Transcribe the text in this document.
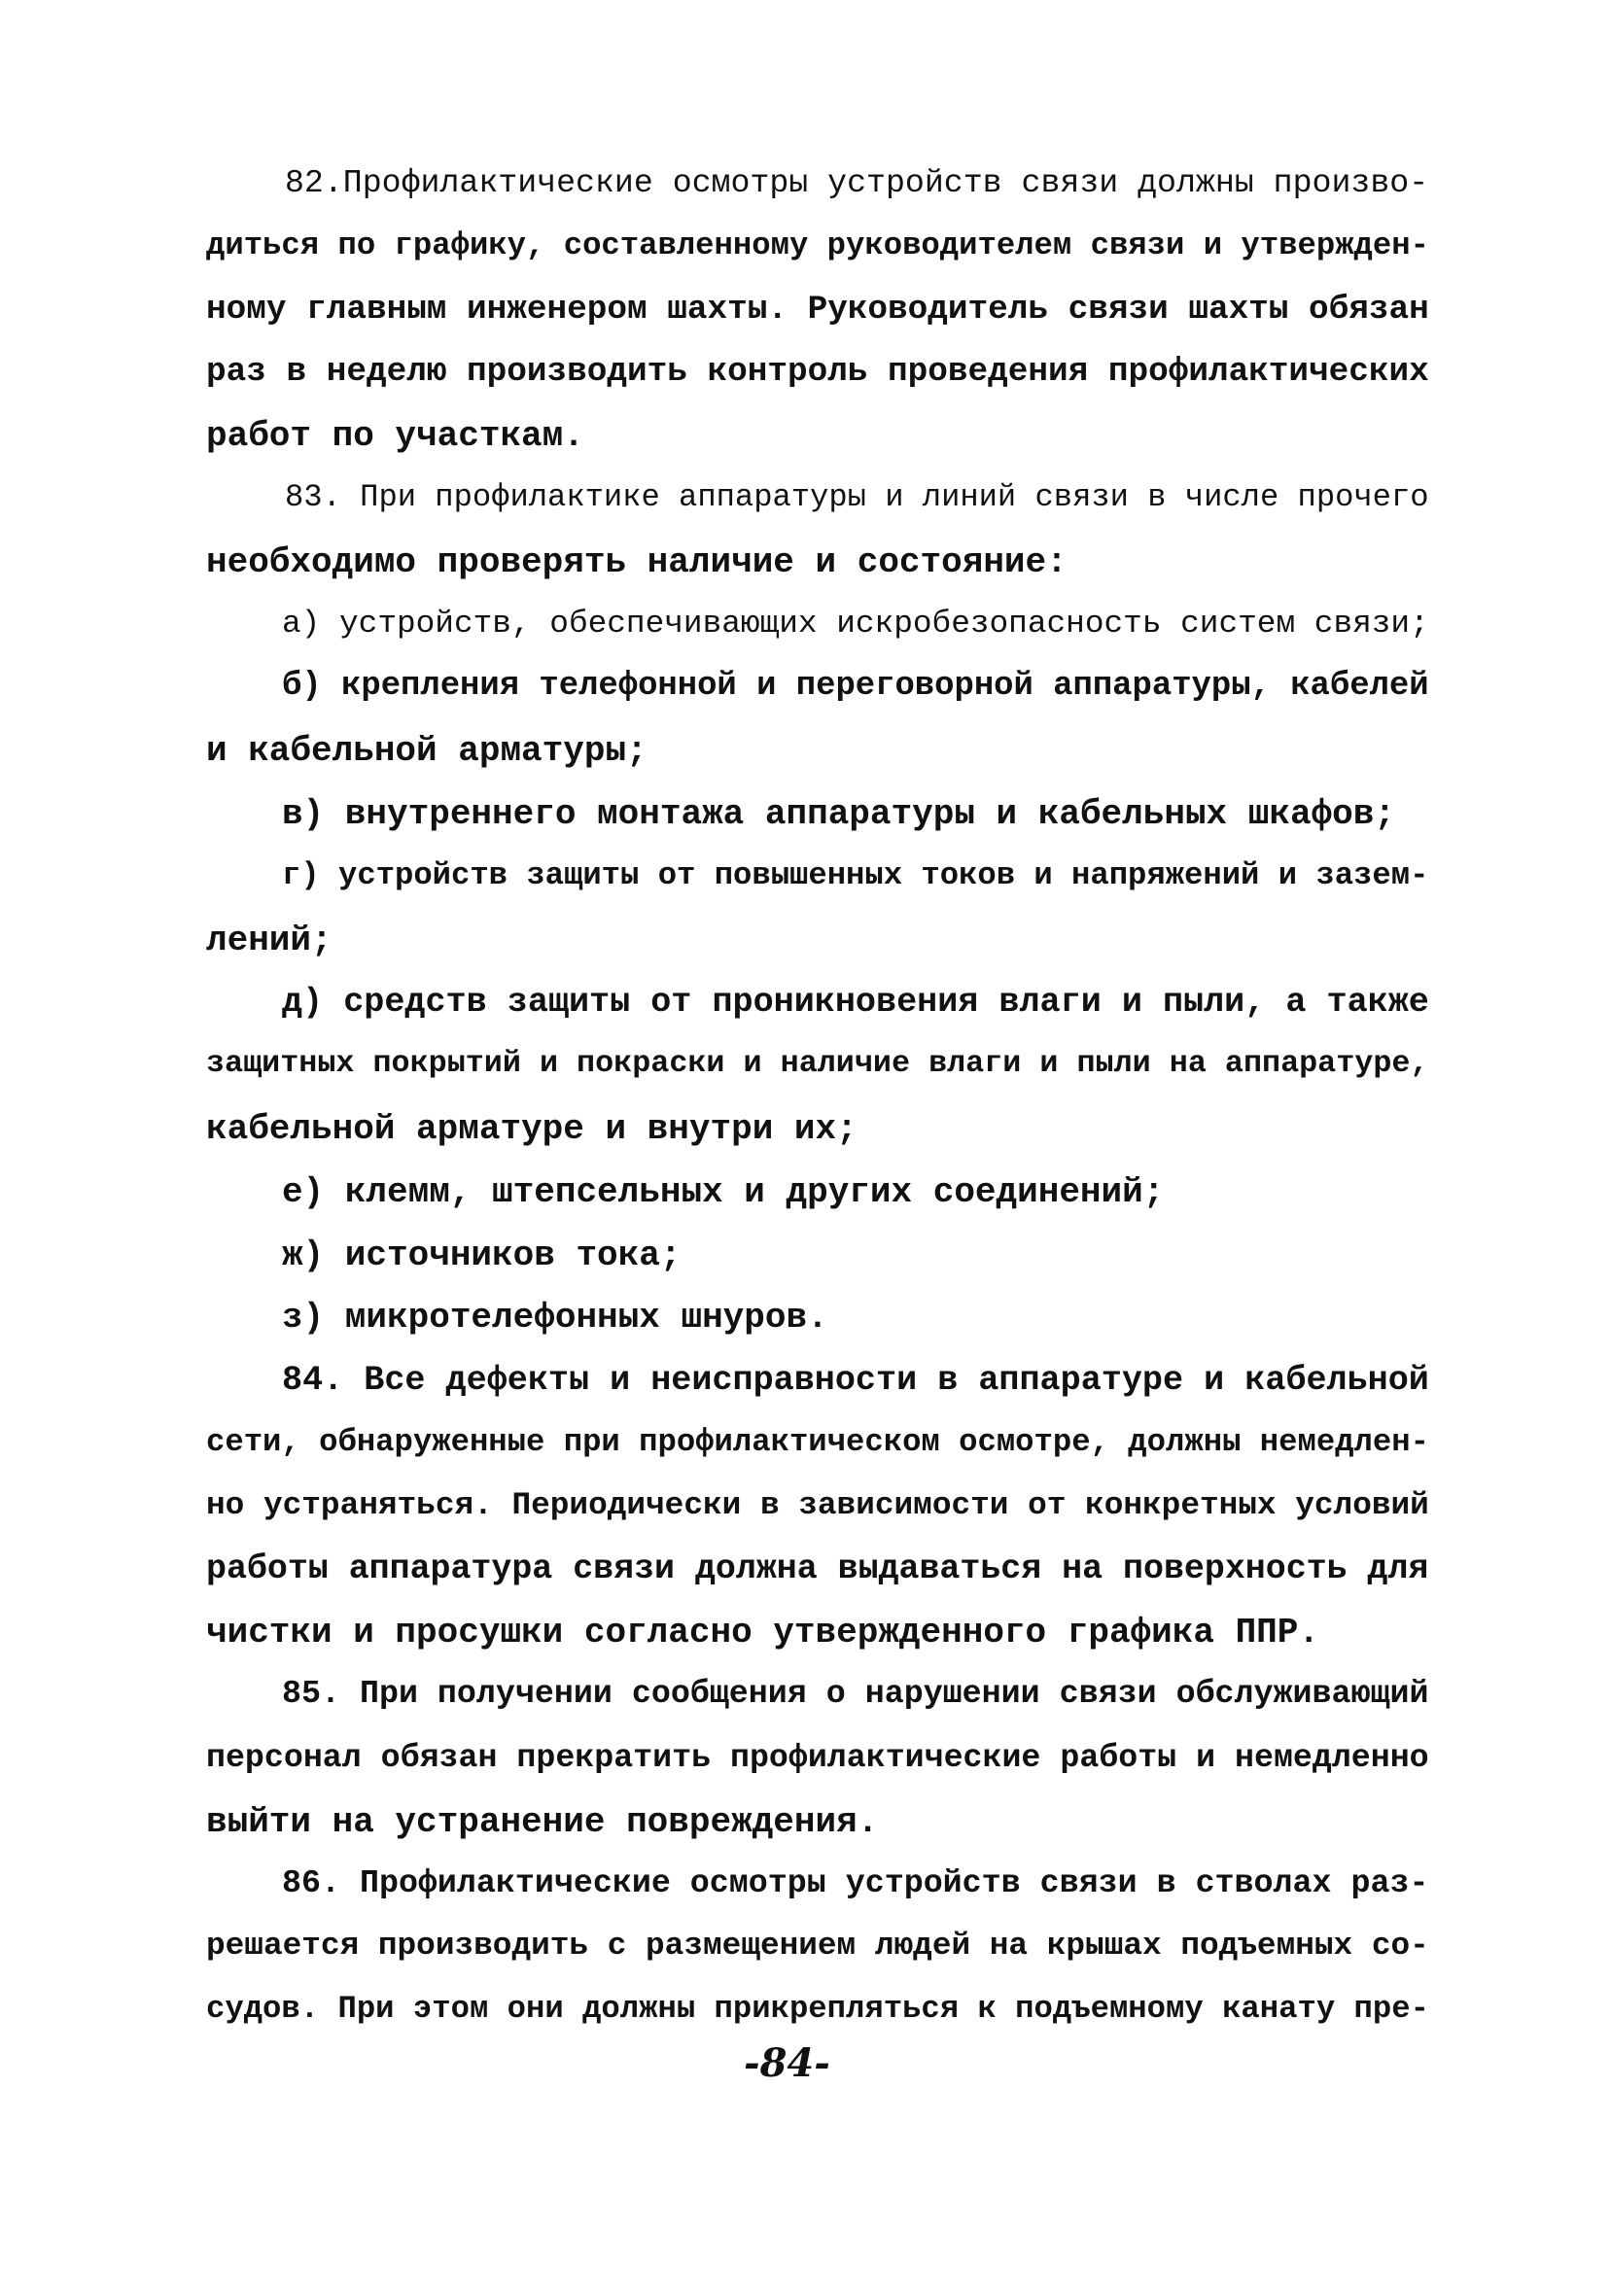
82.Профилактические осмотры устройств связи должны произво-
диться по графику, составленному руководителем связи и утвержден-
ному главным инженером шахты. Руководитель связи шахты обязан
раз в неделю производить контроль проведения профилактических
работ по участкам.
83. При профилактике аппаратуры и линий связи в числе прочего
необходимо проверять наличие и состояние:
а) устройств, обеспечивающих искробезопасность систем связи;
б) крепления телефонной и переговорной аппаратуры, кабелей
и кабельной арматуры;
в) внутреннего монтажа аппаратуры и кабельных шкафов;
г) устройств защиты от повышенных токов и напряжений и зазем-
лений;
д) средств защиты от проникновения влаги и пыли, а также
защитных покрытий и покраски и наличие влаги и пыли на аппаратуре,
кабельной арматуре и внутри их;
е) клемм, штепсельных и других соединений;
ж) источников тока;
з) микротелефонных шнуров.
84. Все дефекты и неисправности в аппаратуре и кабельной
сети, обнаруженные при профилактическом осмотре, должны немедлен-
но устраняться. Периодически в зависимости от конкретных условий
работы аппаратура связи должна выдаваться на поверхность для
чистки и просушки согласно утвержденного графика ППР.
85. При получении сообщения о нарушении связи обслуживающий
персонал обязан прекратить профилактические работы и немедленно
выйти на устранение повреждения.
86. Профилактические осмотры устройств связи в стволах раз-
решается производить с размещением людей на крышах подъемных со-
судов. При этом они должны прикрепляться к подъемному канату пре-
-84-
